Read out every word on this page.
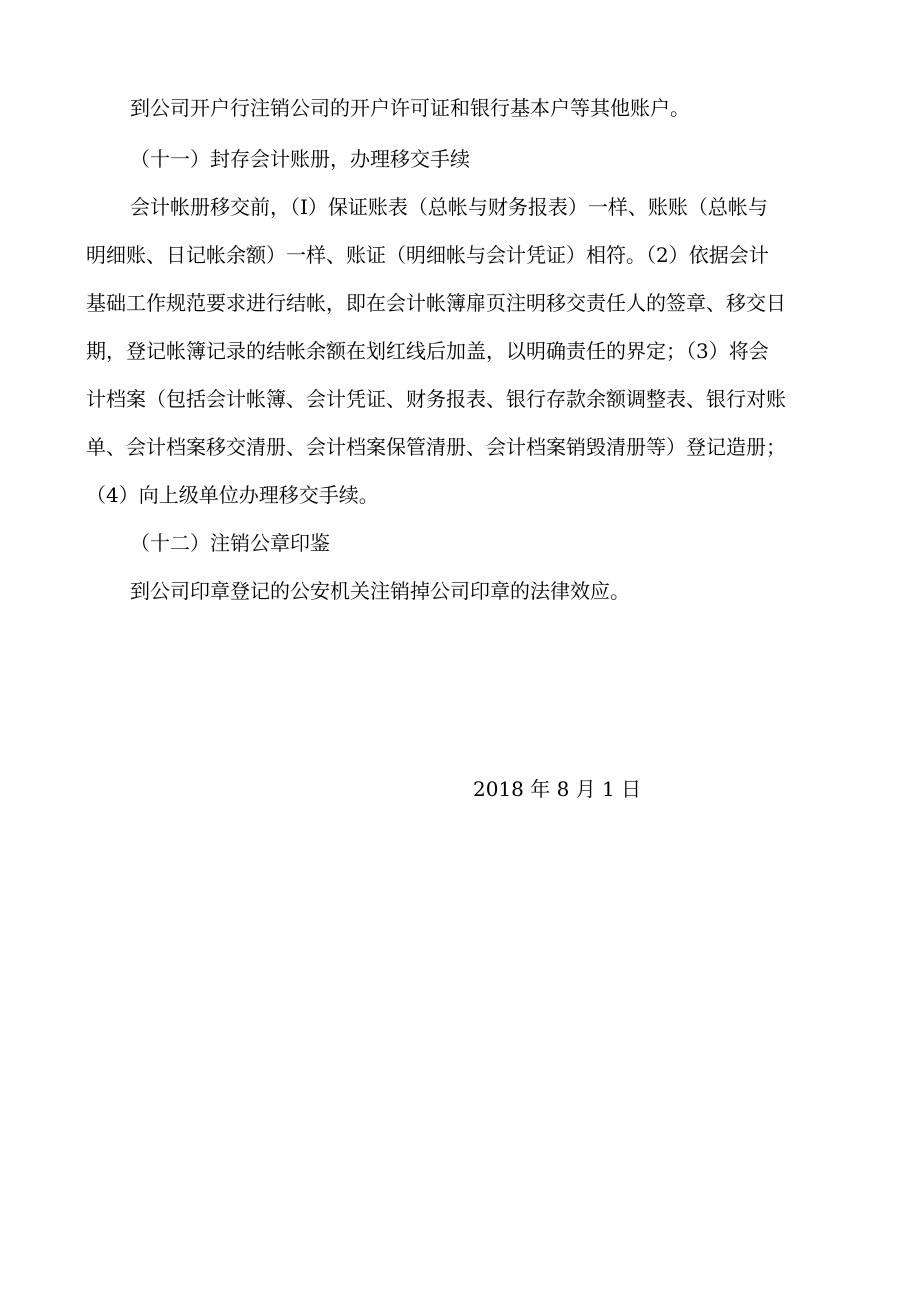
到公司开户行注销公司的开户许可证和银行基本户等其他账户。

（十一）封存会计账册，办理移交手续

会计帐册移交前，（I）保证账表（总帐与财务报表）一样、账账（总帐与

明细账、日记帐余额）一样、账证（明细帐与会计凭证）相符。（2）依据会计

基础工作规范要求进行结帐，即在会计帐簿扉页注明移交责任人的签章、移交日

期，登记帐簿记录的结帐余额在划红线后加盖，以明确责任的界定；（3）将会

计档案（包括会计帐簿、会计凭证、财务报表、银行存款余额调整表、银行对账

单、会计档案移交清册、会计档案保管清册、会计档案销毁清册等）登记造册；

（4）向上级单位办理移交手续。

（十二）注销公章印鉴

到公司印章登记的公安机关注销掉公司印章的法律效应。

2018 年 8 月 1 日
